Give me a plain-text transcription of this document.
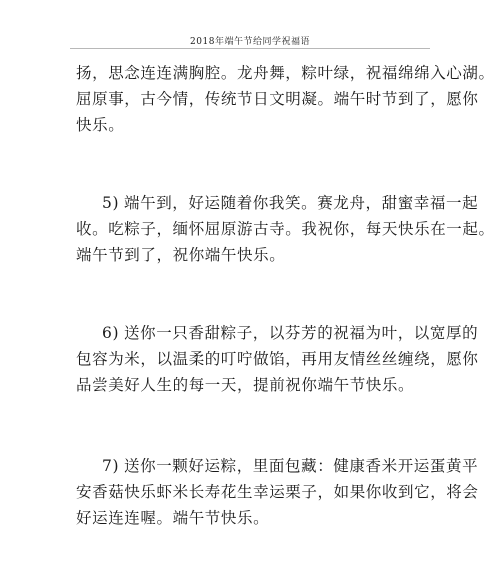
2018年端午节给同学祝福语
扬，思念连连满胸腔。龙舟舞，粽叶绿，祝福绵绵入心湖。
屈原事，古今情，传统节日文明凝。端午时节到了，愿你
快乐。
5) 端午到，好运随着你我笑。赛龙舟，甜蜜幸福一起
收。吃粽子，缅怀屈原游古寺。我祝你，每天快乐在一起。
端午节到了，祝你端午快乐。
6) 送你一只香甜粽子，以芬芳的祝福为叶，以宽厚的
包容为米，以温柔的叮咛做馅，再用友情丝丝缠绕，愿你
品尝美好人生的每一天，提前祝你端午节快乐。
7) 送你一颗好运粽，里面包藏：健康香米开运蛋黄平
安香菇快乐虾米长寿花生幸运栗子，如果你收到它，将会
好运连连喔。端午节快乐。
